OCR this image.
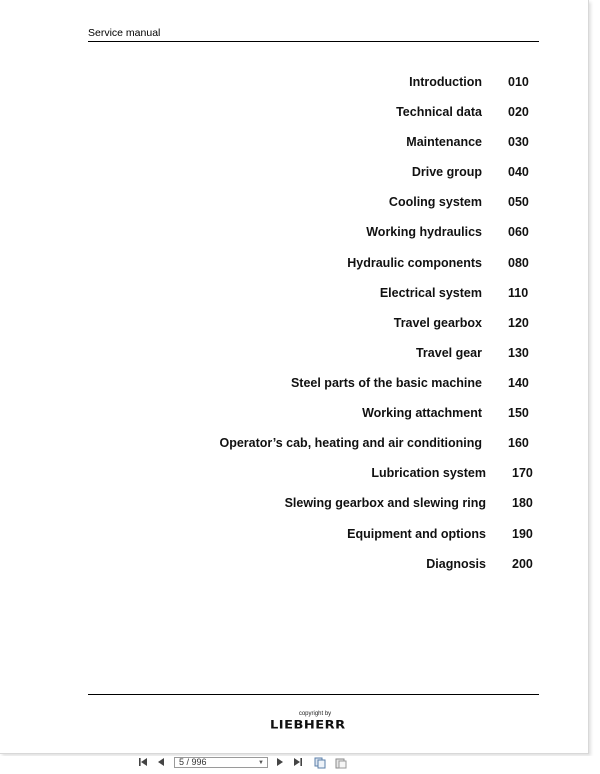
Service manual
Introduction 010
Technical data 020
Maintenance 030
Drive group 040
Cooling system 050
Working hydraulics 060
Hydraulic components 080
Electrical system 110
Travel gearbox 120
Travel gear 130
Steel parts of the basic machine 140
Working attachment 150
Operator’s cab, heating and air conditioning 160
Lubrication system 170
Slewing gearbox and slewing ring 180
Equipment and options 190
Diagnosis 200
copyright by
LIEBHERR
5 / 996	▼
